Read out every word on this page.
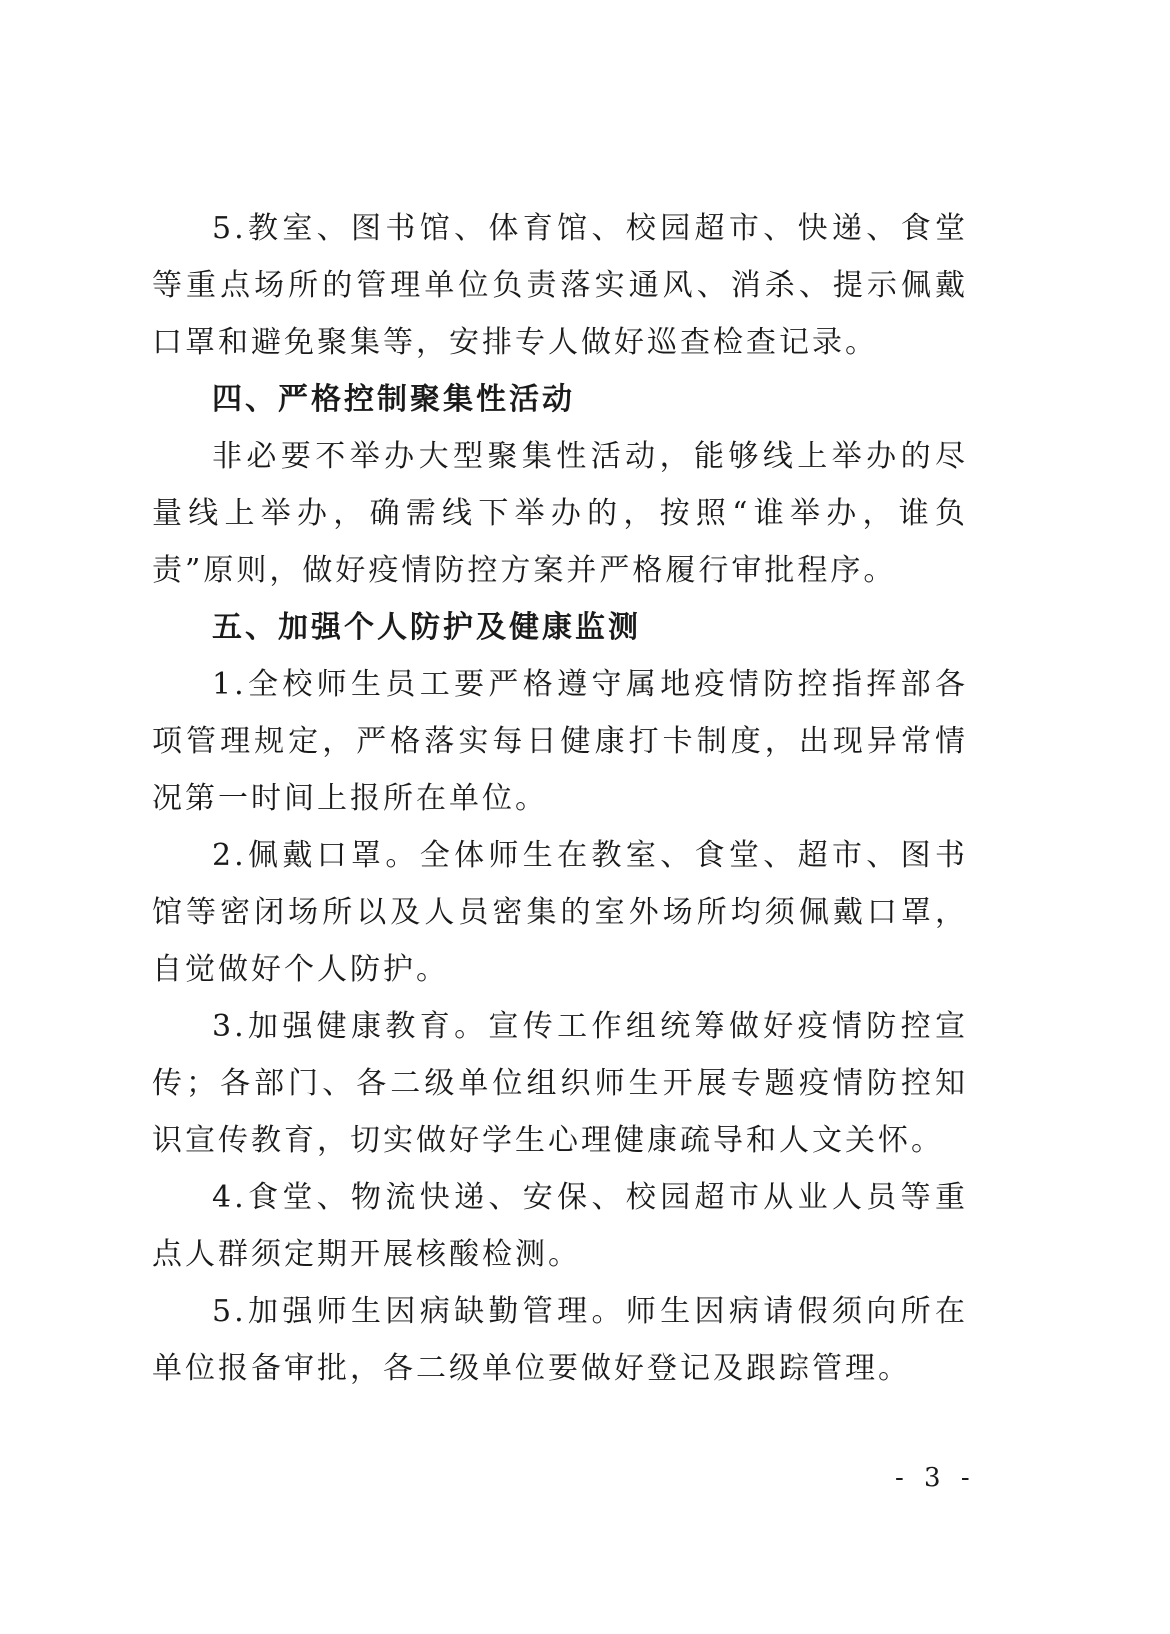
5.教室、图书馆、体育馆、校园超市、快递、食堂等重点场所的管理单位负责落实通风、消杀、提示佩戴口罩和避免聚集等，安排专人做好巡查检查记录。

四、严格控制聚集性活动

非必要不举办大型聚集性活动，能够线上举办的尽量线上举办，确需线下举办的，按照“谁举办，谁负责”原则，做好疫情防控方案并严格履行审批程序。

五、加强个人防护及健康监测

1.全校师生员工要严格遵守属地疫情防控指挥部各项管理规定，严格落实每日健康打卡制度，出现异常情况第一时间上报所在单位。

2.佩戴口罩。全体师生在教室、食堂、超市、图书馆等密闭场所以及人员密集的室外场所均须佩戴口罩，自觉做好个人防护。

3.加强健康教育。宣传工作组统筹做好疫情防控宣传；各部门、各二级单位组织师生开展专题疫情防控知识宣传教育，切实做好学生心理健康疏导和人文关怀。

4.食堂、物流快递、安保、校园超市从业人员等重点人群须定期开展核酸检测。

5.加强师生因病缺勤管理。师生因病请假须向所在单位报备审批，各二级单位要做好登记及跟踪管理。

- 3 -
